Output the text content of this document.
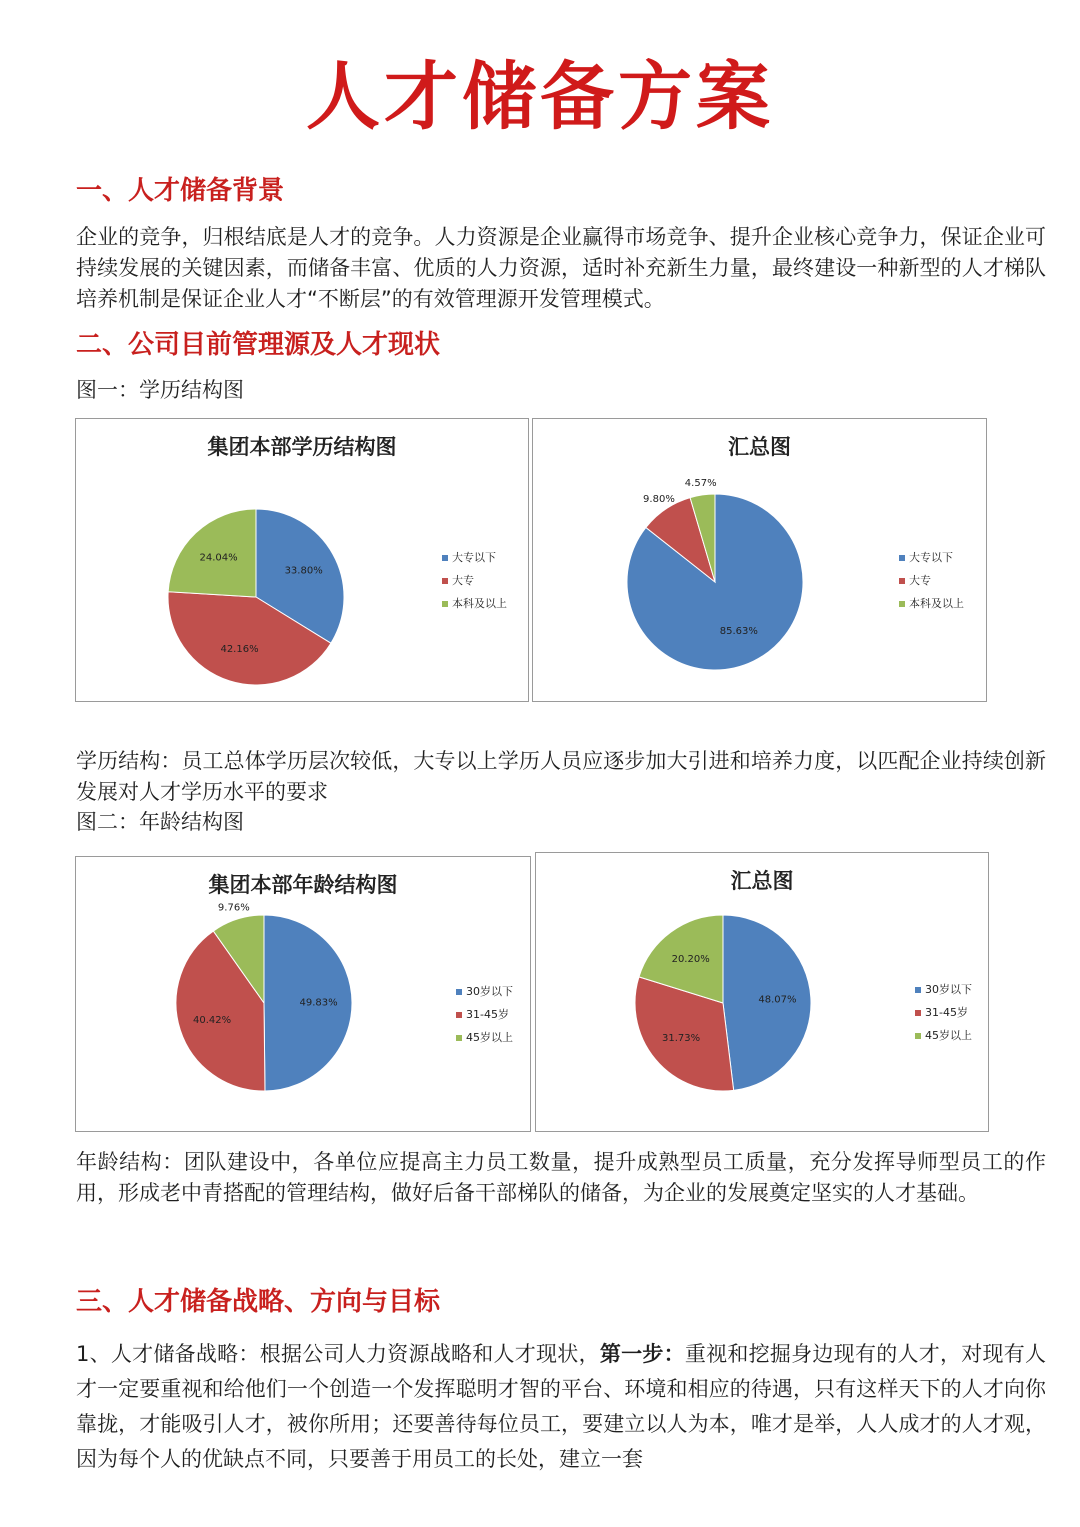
人才储备方案
一、人才储备背景

企业的竞争，归根结底是人才的竞争。人力资源是企业赢得市场竞争、提升企业核心竞争力，保证企业可持续发展的关键因素，而储备丰富、优质的人力资源，适时补充新生力量，最终建设一种新型的人才梯队培养机制是保证企业人才“不断层”的有效管理源开发管理模式。

二、公司目前管理源及人才现状

图一：学历结构图

集团本部学历结构图
33.80%
42.16%
24.04%	大专以下
大专
本科及以上
汇总图
85.63%
9.80%
4.57%
大专以下
大专
本科及以上

学历结构：员工总体学历层次较低，大专以上学历人员应逐步加大引进和培养力度，以匹配企业持续创新发展对人才学历水平的要求

图二：年龄结构图

集团本部年龄结构图
49.83%
40.42%
9.76%
30岁以下
31-45岁
45岁以上
汇总图
48.07%
31.73%
20.20%
30岁以下
31-45岁
45岁以上

年龄结构：团队建设中，各单位应提高主力员工数量，提升成熟型员工质量，充分发挥导师型员工的作用，形成老中青搭配的管理结构，做好后备干部梯队的储备，为企业的发展奠定坚实的人才基础。

三、人才储备战略、方向与目标

1、人才储备战略：根据公司人力资源战略和人才现状，第一步：重视和挖掘身边现有的人才，对现有人才一定要重视和给他们一个创造一个发挥聪明才智的平台、环境和相应的待遇，只有这样天下的人才向你靠拢，才能吸引人才，被你所用；还要善待每位员工，要建立以人为本，唯才是举，人人成才的人才观，因为每个人的优缺点不同，只要善于用员工的长处，建立一套
